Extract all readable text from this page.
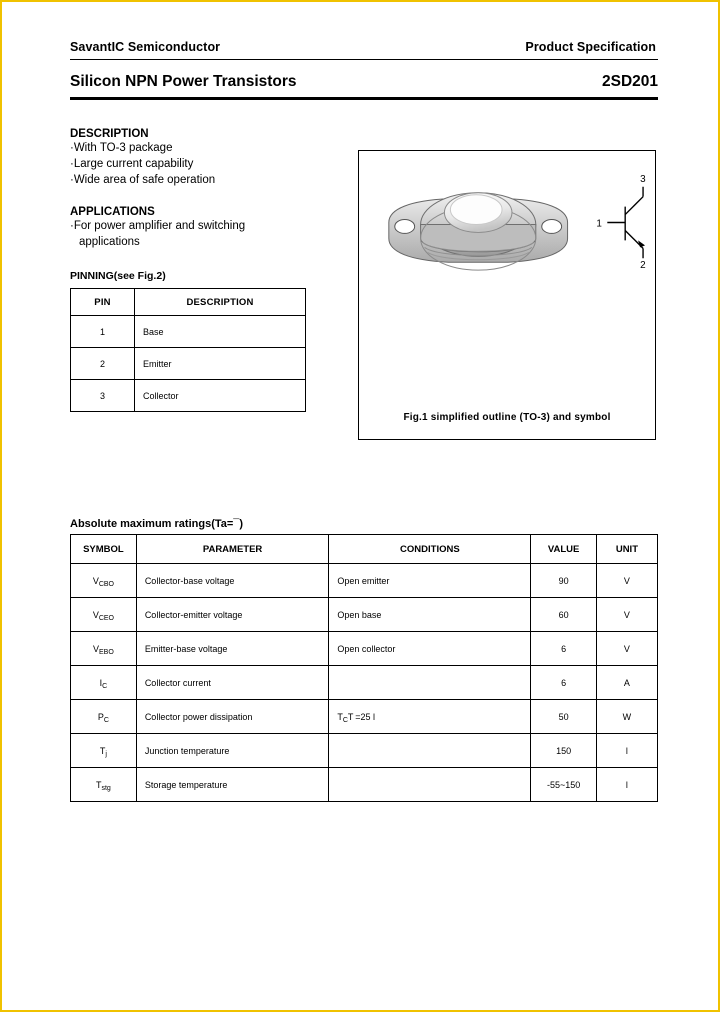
SavantIC Semiconductor	Product Specification
Silicon NPN Power Transistors	2SD201
DESCRIPTION
·With TO-3 package
·Large current capability
·Wide area of safe operation
APPLICATIONS
·For power amplifier and switching
applications
PINNING(see Fig.2)
PIN	DESCRIPTION
1	Base
2	Emitter
3	Collector
1
3
2
Fig.1 simplified outline (TO-3) and symbol
Absolute maximum ratings(Ta=¯)
SYMBOL	PARAMETER	CONDITIONS	VALUE	UNIT
$V_{CBO}$	Collector-base voltage	Open emitter	90	V
$V_{CEO}$	Collector-emitter voltage	Open base	60	V
$V_{EBO}$	Emitter-base voltage	Open collector	6	V
$I_C$	Collector current		6	A
$P_C$	Collector power dissipation	$T_CT =25$ l	50	W
$T_j$	Junction temperature		150	l
$T_{stg}$	Storage temperature		-55~150	l
